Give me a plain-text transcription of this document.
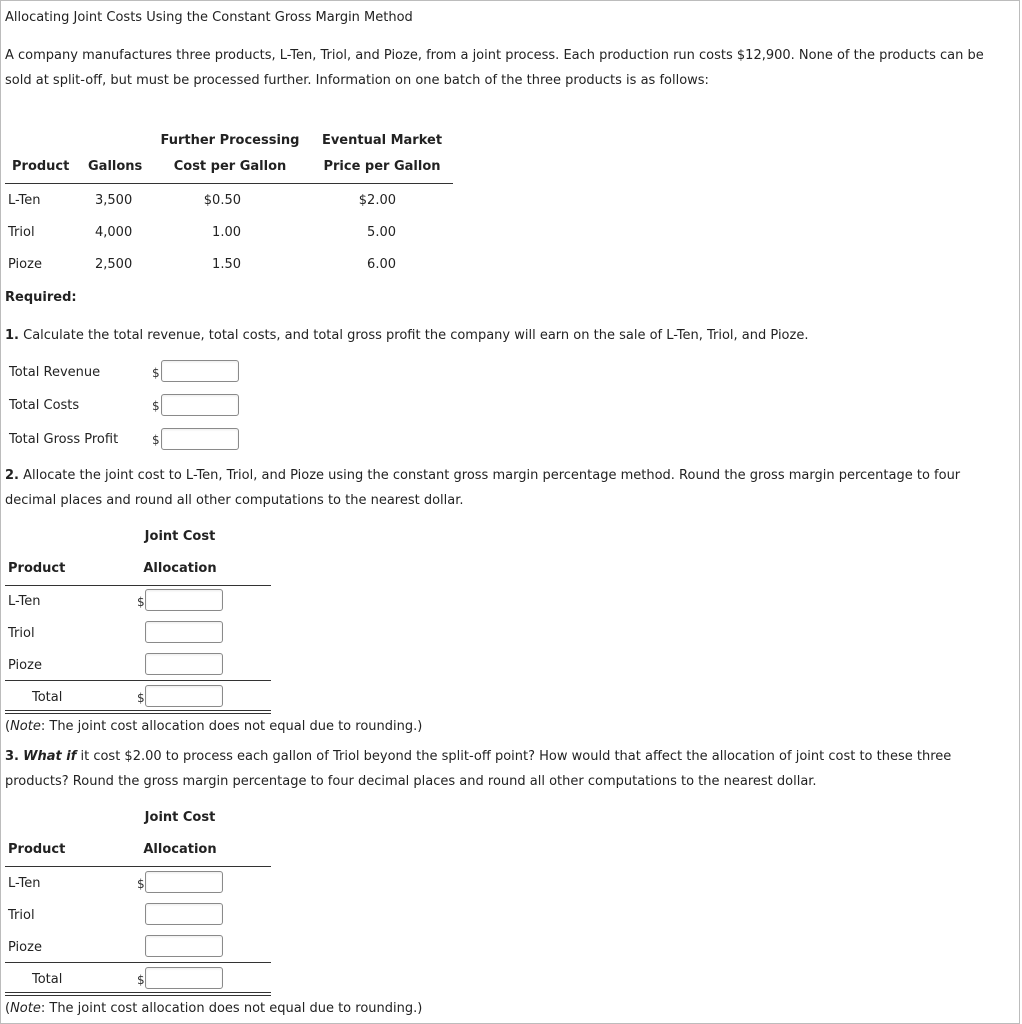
Allocating Joint Costs Using the Constant Gross Margin Method
A company manufactures three products, L-Ten, Triol, and Pioze, from a joint process. Each production run costs $12,900. None of the products can be sold at split-off, but must be processed further. Information on one batch of the three products is as follows:
Further Processing	Eventual Market
Product Gallons	Cost per Gallon	Price per Gallon
L-Ten	3,500	$0.50	$2.00
Triol	4,000	1.00	5.00
Pioze	2,500	1.50	6.00
Required:
1. Calculate the total revenue, total costs, and total gross profit the company will earn on the sale of L-Ten, Triol, and Pioze.
Total Revenue	$
Total Costs	$
Total Gross Profit	$
2. Allocate the joint cost to L-Ten, Triol, and Pioze using the constant gross margin percentage method. Round the gross margin percentage to four decimal places and round all other computations to the nearest dollar.
Joint Cost
Product	Allocation
L-Ten	$
Triol
Pioze
Total	$
(Note: The joint cost allocation does not equal due to rounding.)
3. What if it cost $2.00 to process each gallon of Triol beyond the split-off point? How would that affect the allocation of joint cost to these three products? Round the gross margin percentage to four decimal places and round all other computations to the nearest dollar.
Joint Cost
Product	Allocation
L-Ten	$
Triol
Pioze
Total	$
(Note: The joint cost allocation does not equal due to rounding.)
